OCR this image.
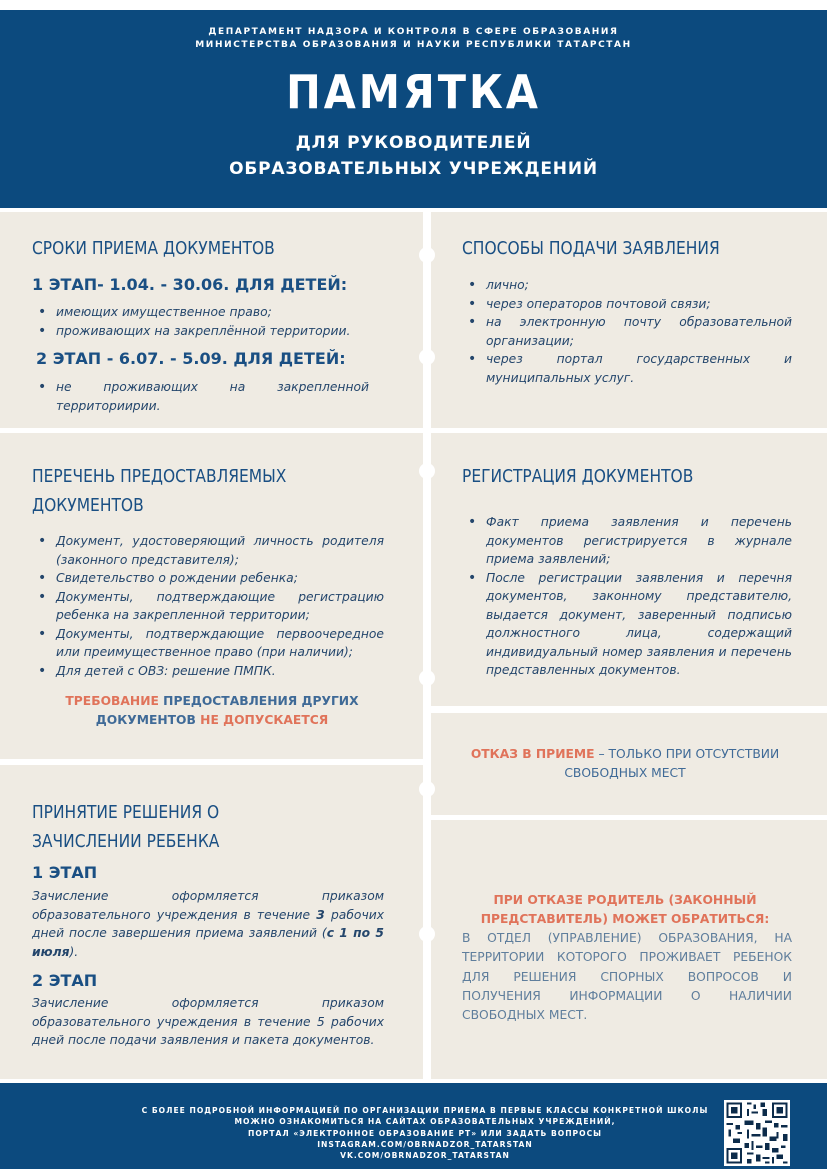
ДЕПАРТАМЕНТ НАДЗОРА И КОНТРОЛЯ В СФЕРЕ ОБРАЗОВАНИЯ
МИНИСТЕРСТВА ОБРАЗОВАНИЯ И НАУКИ РЕСПУБЛИКИ ТАТАРСТАН
ПАМЯТКА
ДЛЯ РУКОВОДИТЕЛЕЙ
ОБРАЗОВАТЕЛЬНЫХ УЧРЕЖДЕНИЙ
СРОКИ ПРИЕМА ДОКУМЕНТОВ
1 ЭТАП- 1.04. - 30.06. ДЛЯ ДЕТЕЙ:
• имеющих имущественное право;
• проживающих на закреплённой территории.
2 ЭТАП - 6.07. - 5.09. ДЛЯ ДЕТЕЙ:
• не проживающих на закрепленной территориирии.
СПОСОБЫ ПОДАЧИ ЗАЯВЛЕНИЯ
• лично;
• через операторов почтовой связи;
• на электронную почту образовательной организации;
• через портал государственных и муниципальных услуг.
ПЕРЕЧЕНЬ ПРЕДОСТАВЛЯЕМЫХ
ДОКУМЕНТОВ
• Документ, удостоверяющий личность родителя (законного представителя);
• Свидетельство о рождении ребенка;
• Документы, подтверждающие регистрацию ребенка на закрепленной территории;
• Документы, подтверждающие первоочередное или преимущественное право (при наличии);
• Для детей с ОВЗ: решение ПМПК.
ТРЕБОВАНИЕ ПРЕДОСТАВЛЕНИЯ ДРУГИХ
ДОКУМЕНТОВ НЕ ДОПУСКАЕТСЯ
РЕГИСТРАЦИЯ ДОКУМЕНТОВ
• Факт приема заявления и перечень документов регистрируется в журнале приема заявлений;
• После регистрации заявления и перечня документов, законному представителю, выдается документ, заверенный подписью должностного лица, содержащий индивидуальный номер заявления и перечень представленных документов.
ОТКАЗ В ПРИЕМЕ – ТОЛЬКО ПРИ ОТСУТСТВИИ
СВОБОДНЫХ МЕСТ
ПРИНЯТИЕ РЕШЕНИЯ О
ЗАЧИСЛЕНИИ РЕБЕНКА
1 ЭТАП
Зачисление оформляется приказом образовательного учреждения в течение 3 рабочих дней после завершения приема заявлений (с 1 по 5 июля).
2 ЭТАП
Зачисление оформляется приказом образовательного учреждения в течение 5 рабочих дней после подачи заявления и пакета документов.
ПРИ ОТКАЗЕ РОДИТЕЛЬ (ЗАКОННЫЙ
ПРЕДСТАВИТЕЛЬ) МОЖЕТ ОБРАТИТЬСЯ:
В ОТДЕЛ (УПРАВЛЕНИЕ) ОБРАЗОВАНИЯ, НА ТЕРРИТОРИИ КОТОРОГО ПРОЖИВАЕТ РЕБЕНОК ДЛЯ РЕШЕНИЯ СПОРНЫХ ВОПРОСОВ И ПОЛУЧЕНИЯ ИНФОРМАЦИИ О НАЛИЧИИ СВОБОДНЫХ МЕСТ.
С БОЛЕЕ ПОДРОБНОЙ ИНФОРМАЦИЕЙ ПО ОРГАНИЗАЦИИ ПРИЕМА В ПЕРВЫЕ КЛАССЫ КОНКРЕТНОЙ ШКОЛЫ
МОЖНО ОЗНАКОМИТЬСЯ НА САЙТАХ ОБРАЗОВАТЕЛЬНЫХ УЧРЕЖДЕНИЙ,
ПОРТАЛ «ЭЛЕКТРОННОЕ ОБРАЗОВАНИЕ РТ» ИЛИ ЗАДАТЬ ВОПРОСЫ
INSTAGRAM.COM/OBRNADZOR_TATARSTAN
VK.COM/OBRNADZOR_TATARSTAN
